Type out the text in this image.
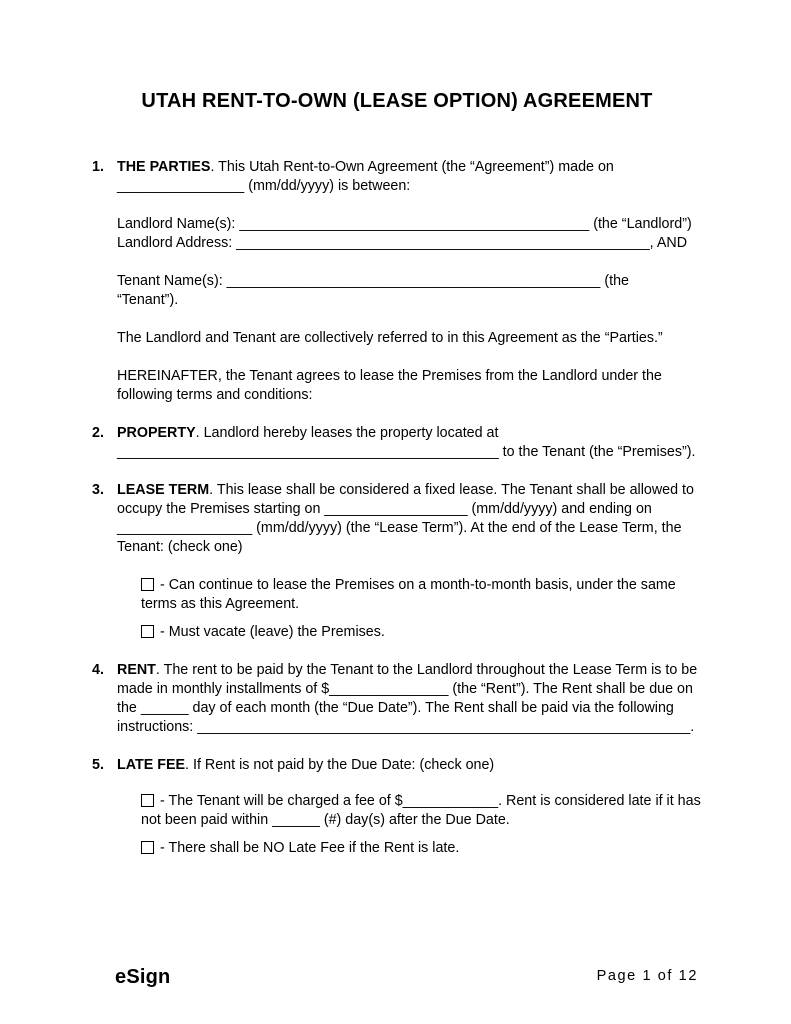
UTAH RENT-TO-OWN (LEASE OPTION) AGREEMENT
1. THE PARTIES. This Utah Rent-to-Own Agreement (the “Agreement”) made on
________________ (mm/dd/yyyy) is between:
Landlord Name(s): ____________________________________________ (the “Landlord”)
Landlord Address: ____________________________________________________, AND
Tenant Name(s): _______________________________________________ (the
“Tenant”).
The Landlord and Tenant are collectively referred to in this Agreement as the “Parties.”
HEREINAFTER, the Tenant agrees to lease the Premises from the Landlord under the
following terms and conditions:
2. PROPERTY. Landlord hereby leases the property located at
________________________________________________ to the Tenant (the “Premises”).
3. LEASE TERM. This lease shall be considered a fixed lease. The Tenant shall be allowed to
occupy the Premises starting on __________________ (mm/dd/yyyy) and ending on
_________________ (mm/dd/yyyy) (the “Lease Term”). At the end of the Lease Term, the
Tenant: (check one)
- Can continue to lease the Premises on a month-to-month basis, under the same
terms as this Agreement.
- Must vacate (leave) the Premises.
4. RENT. The rent to be paid by the Tenant to the Landlord throughout the Lease Term is to be
made in monthly installments of $_______________ (the “Rent”). The Rent shall be due on
the ______ day of each month (the “Due Date”). The Rent shall be paid via the following
instructions: ______________________________________________________________.
5. LATE FEE. If Rent is not paid by the Due Date: (check one)
- The Tenant will be charged a fee of $____________. Rent is considered late if it has
not been paid within ______ (#) day(s) after the Due Date.
- There shall be NO Late Fee if the Rent is late.
eSign	Page 1 of 12
